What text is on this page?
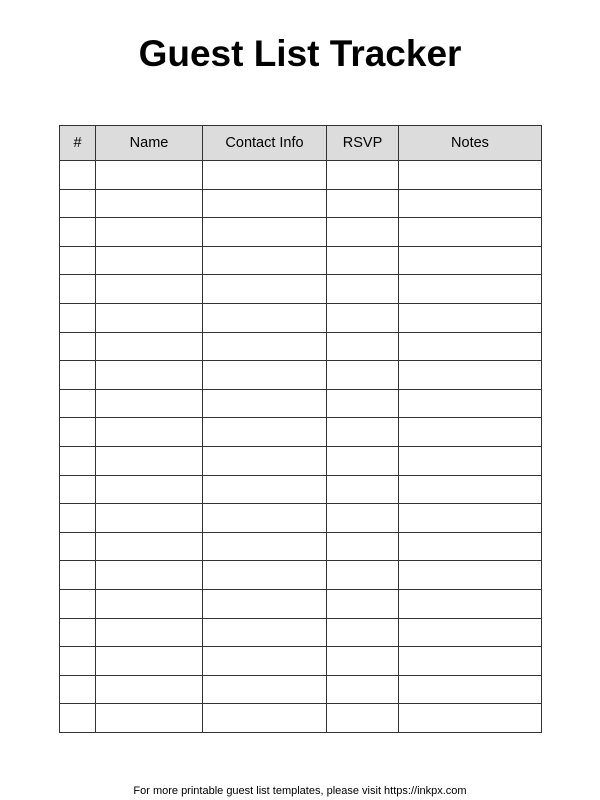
Guest List Tracker
#	Name	Contact Info	RSVP	Notes

For more printable guest list templates, please visit https://inkpx.com
